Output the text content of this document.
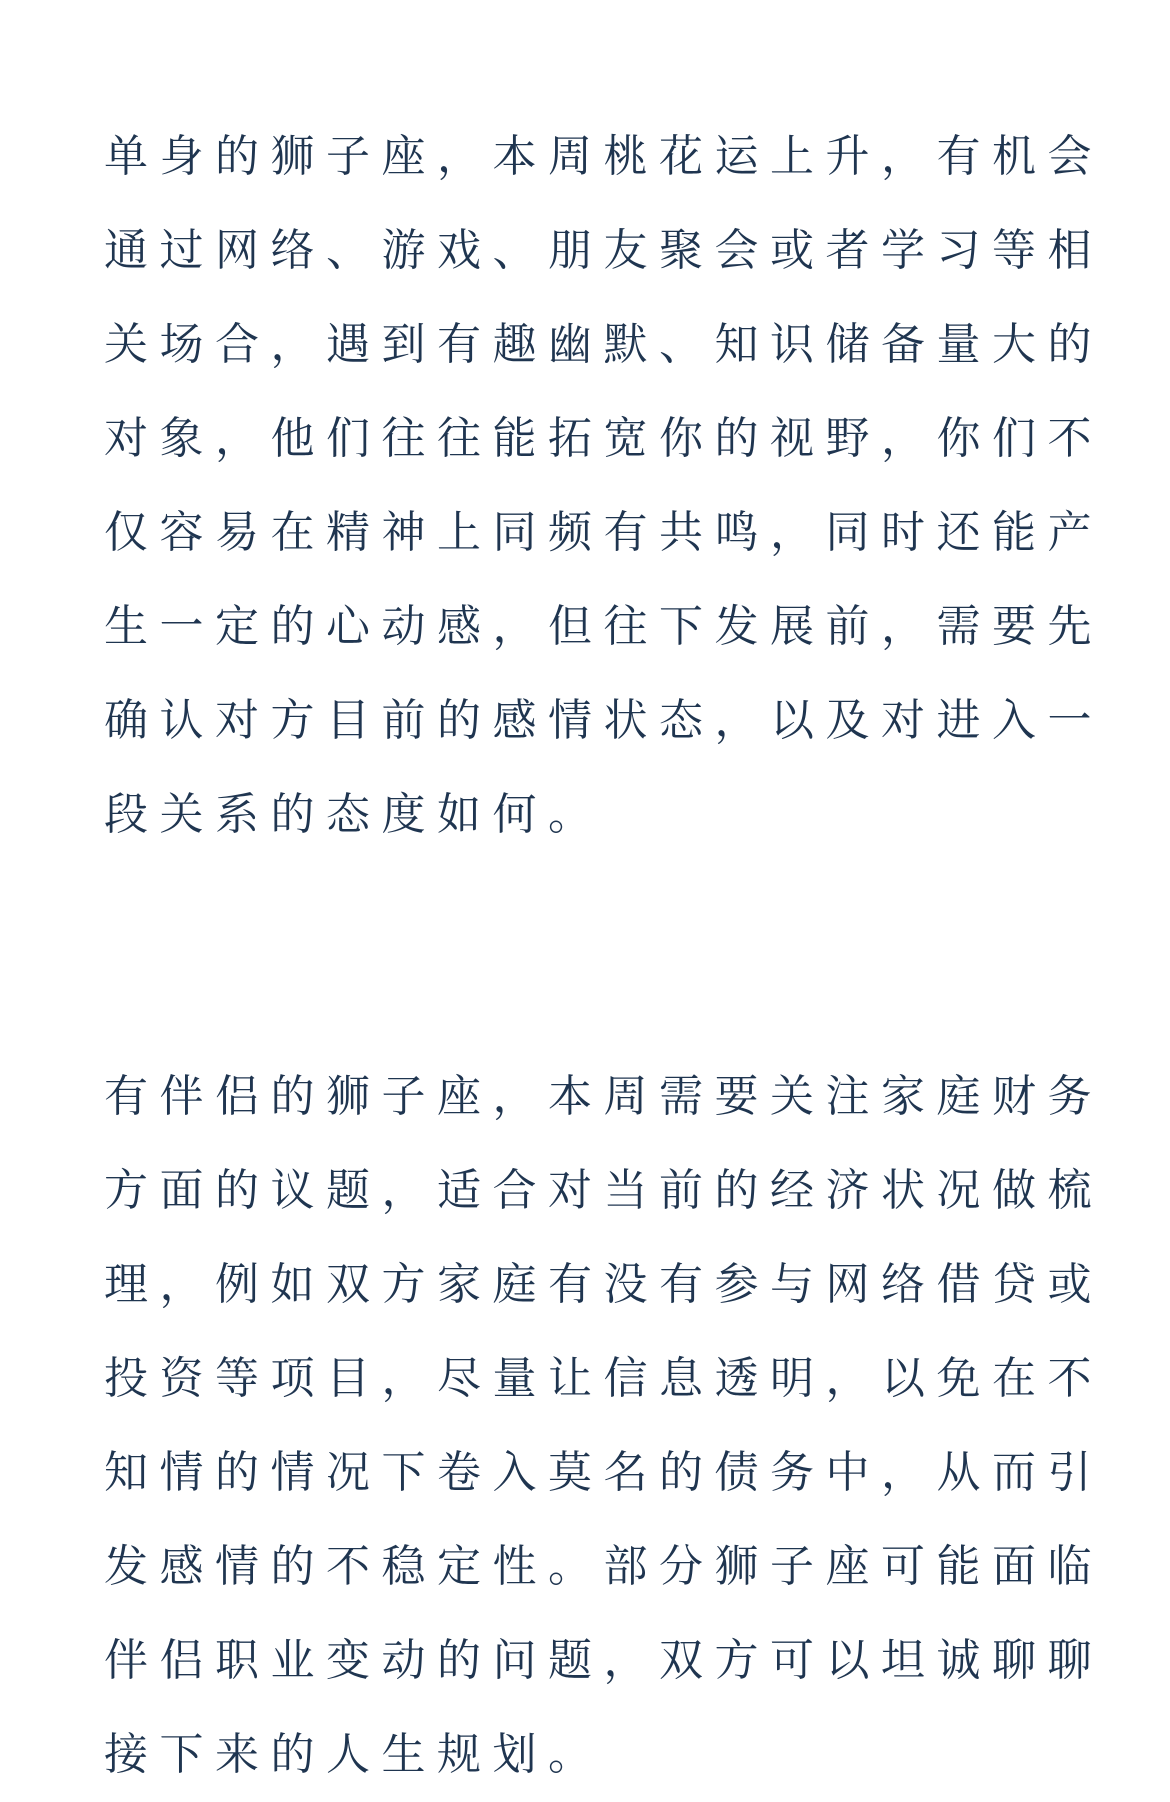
单身的狮子座，本周桃花运上升，有机会
通过网络、游戏、朋友聚会或者学习等相
关场合，遇到有趣幽默、知识储备量大的
对象，他们往往能拓宽你的视野，你们不
仅容易在精神上同频有共鸣，同时还能产
生一定的心动感，但往下发展前，需要先
确认对方目前的感情状态，以及对进入一
段关系的态度如何。

有伴侣的狮子座，本周需要关注家庭财务
方面的议题，适合对当前的经济状况做梳
理，例如双方家庭有没有参与网络借贷或
投资等项目，尽量让信息透明，以免在不
知情的情况下卷入莫名的债务中，从而引
发感情的不稳定性。部分狮子座可能面临
伴侣职业变动的问题，双方可以坦诚聊聊
接下来的人生规划。
